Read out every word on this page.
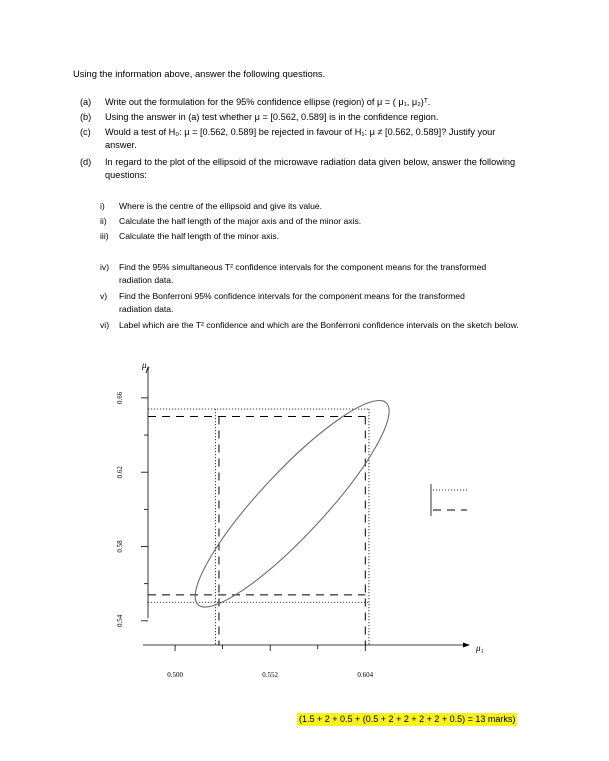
Using the information above, answer the following questions.
(a) Write out the formulation for the 95% confidence ellipse (region) of μ = ( μ₁, μ₂)ᵀ.
(b) Using the answer in (a) test whether μ = [0.562, 0.589] is in the confidence region.
(c) Would a test of H₀: μ = [0.562, 0.589] be rejected in favour of H₁: μ ≠ [0.562, 0.589]? Justify your answer.
(d) In regard to the plot of the ellipsoid of the microwave radiation data given below, answer the following questions:
i) Where is the centre of the ellipsoid and give its value.
ii) Calculate the half length of the major axis and of the minor axis.
iii) Calculate the half length of the minor axis.
iv) Find the 95% simultaneous T² confidence intervals for the component means for the transformed radiation data.
v) Find the Bonferroni 95% confidence intervals for the component means for the transformed radiation data.
vi) Label which are the T² confidence and which are the Bonferroni confidence intervals on the sketch below.
μ₁
μ₂
0.500	0.552	0.604
0.54
0.58
0.62
0.66
(1.5 + 2 + 0.5 + (0.5 + 2 + 2 + 2 + 2 + 0.5) = 13 marks)
